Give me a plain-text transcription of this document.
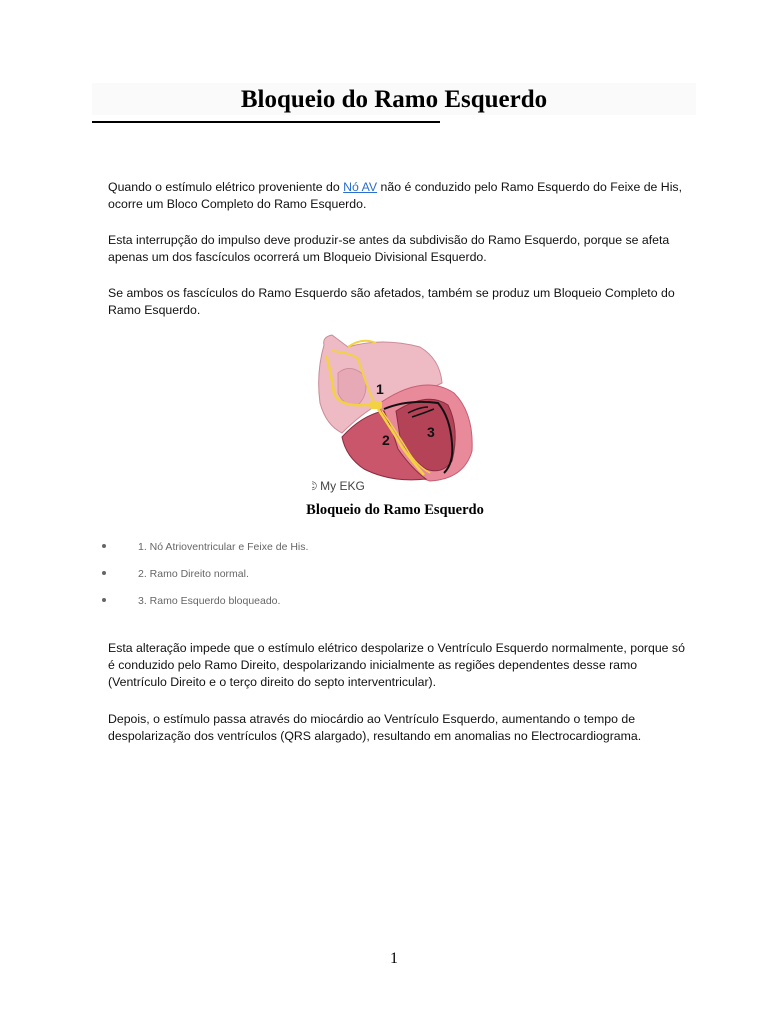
Bloqueio do Ramo Esquerdo

Quando o estímulo elétrico proveniente do Nó AV não é conduzido pelo Ramo Esquerdo do Feixe de His, ocorre um Bloco Completo do Ramo Esquerdo.

Esta interrupção do impulso deve produzir-se antes da subdivisão do Ramo Esquerdo, porque se afeta apenas um dos fascículos ocorrerá um Bloqueio Divisional Esquerdo.

Se ambos os fascículos do Ramo Esquerdo são afetados, também se produz um Bloqueio Completo do Ramo Esquerdo.

1
2	3
© My EKG

Bloqueio do Ramo Esquerdo

1. Nó Atrioventricular e Feixe de His.
2. Ramo Direito normal.
3. Ramo Esquerdo bloqueado.

Esta alteração impede que o estímulo elétrico despolarize o Ventrículo Esquerdo normalmente, porque só é conduzido pelo Ramo Direito, despolarizando inicialmente as regiões dependentes desse ramo (Ventrículo Direito e o terço direito do septo interventricular).

Depois, o estímulo passa através do miocárdio ao Ventrículo Esquerdo, aumentando o tempo de despolarização dos ventrículos (QRS alargado), resultando em anomalias no Electrocardiograma.

1
